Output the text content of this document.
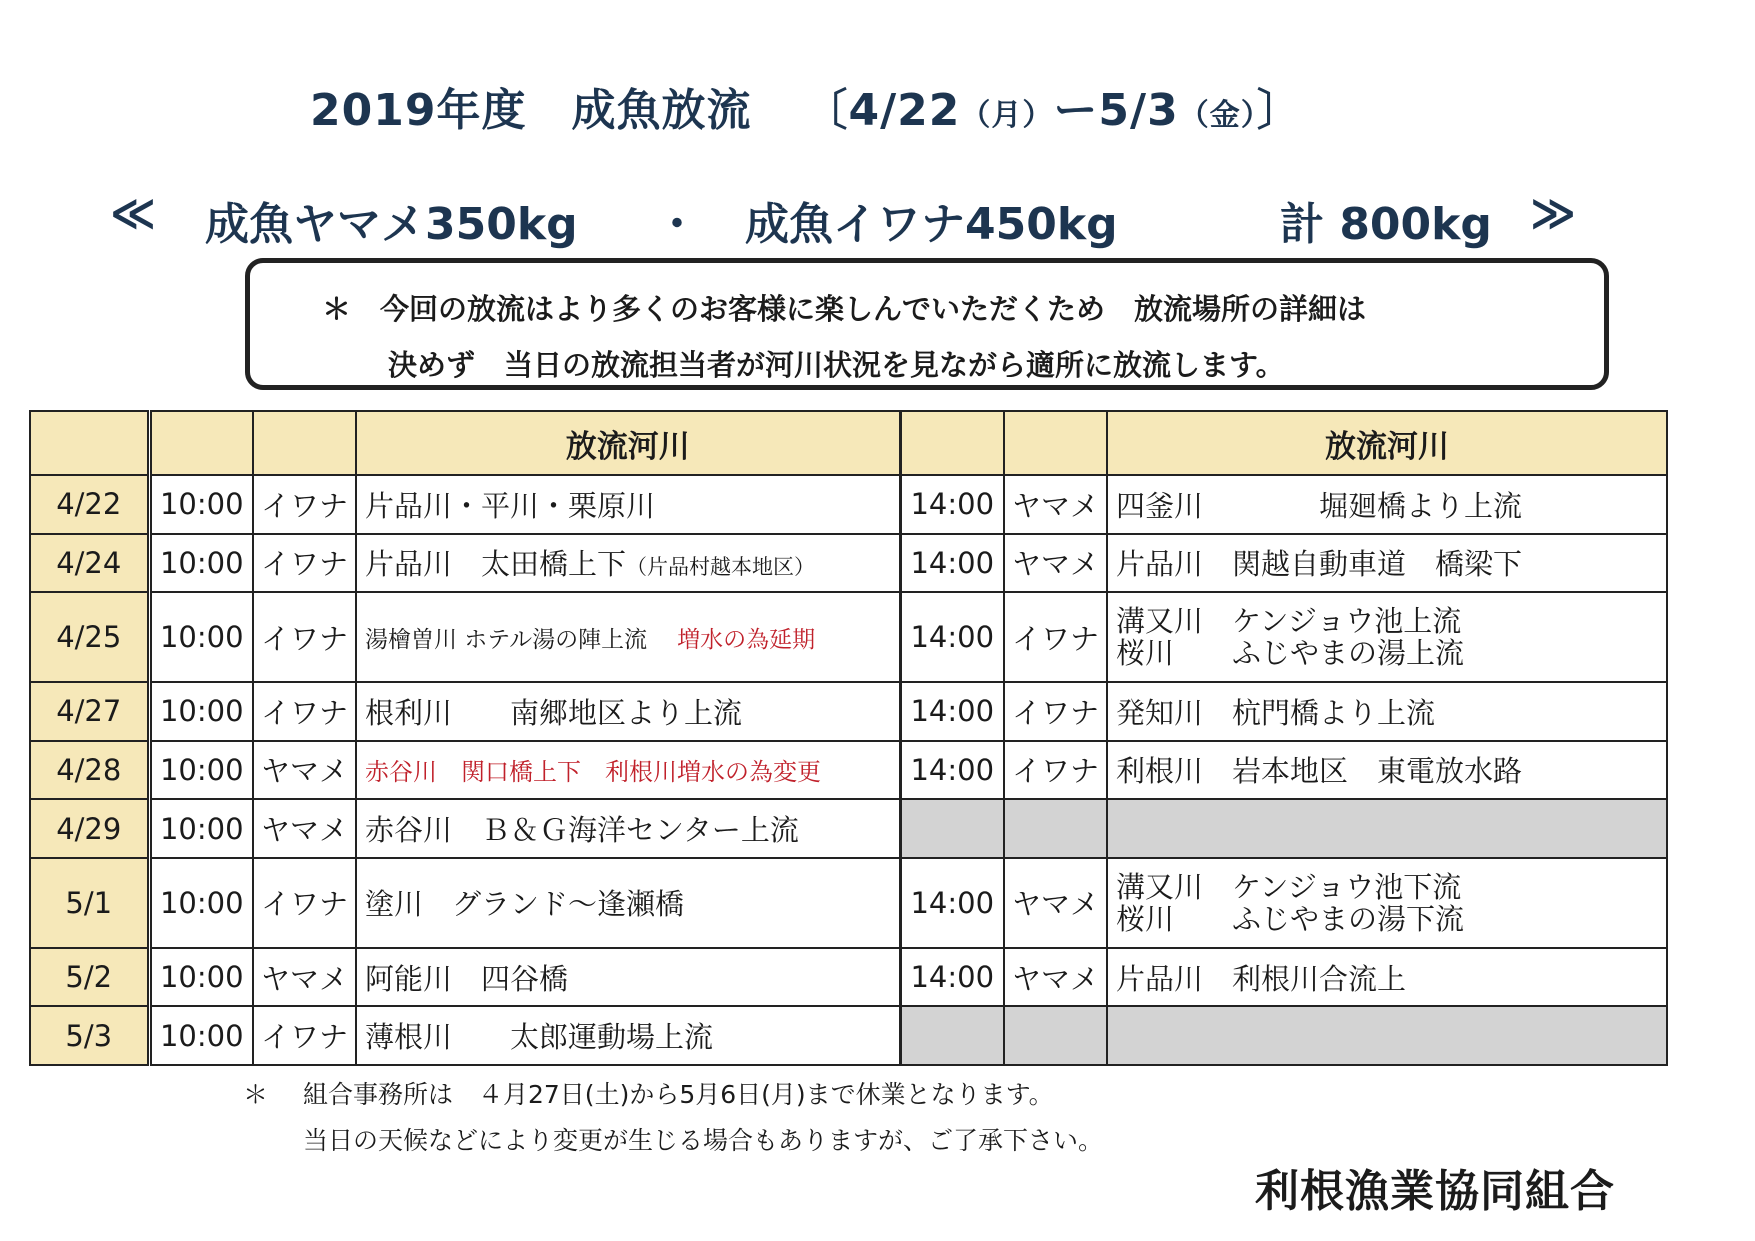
2019年度　成魚放流 〔4/22（月）ー5/3（金）〕
≪ 成魚ヤマメ350kg ・ 成魚イワナ450kg	計 800kg ≫
＊　今回の放流はより多くのお客様に楽しんでいただくため　放流場所の詳細は
決めず　当日の放流担当者が河川状況を見ながら適所に放流します。
			放流河川			放流河川
4/22	10:00	イワナ	片品川・平川・栗原川	14:00	ヤマメ	四釜川　　　　堀廻橋より上流
4/24	10:00	イワナ	片品川　太田橋上下（片品村越本地区）	14:00	ヤマメ	片品川　関越自動車道　橋梁下
4/25	10:00	イワナ	湯檜曽川 ホテル湯の陣上流 増水の為延期	14:00	イワナ	溝又川　ケンジョウ池上流
桜川　　ふじやまの湯上流

4/27	10:00	イワナ	根利川　　南郷地区より上流	14:00	イワナ	発知川　杭門橋より上流
4/28	10:00	ヤマメ	赤谷川　関口橋上下　利根川増水の為変更	14:00	イワナ	利根川　岩本地区　東電放水路
4/29	10:00	ヤマメ	赤谷川　Ｂ＆Ｇ海洋センター上流			
5/1	10:00	イワナ	塗川　グランド～逢瀬橋	14:00	ヤマメ	溝又川　ケンジョウ池下流
桜川　　ふじやまの湯下流

5/2	10:00	ヤマメ	阿能川　四谷橋	14:00	ヤマメ	片品川　利根川合流上
5/3	10:00	イワナ	薄根川　　太郎運動場上流			
＊ 組合事務所は　４月27日(土)から5月6日(月)まで休業となります。
当日の天候などにより変更が生じる場合もありますが、ご了承下さい。
利根漁業協同組合
